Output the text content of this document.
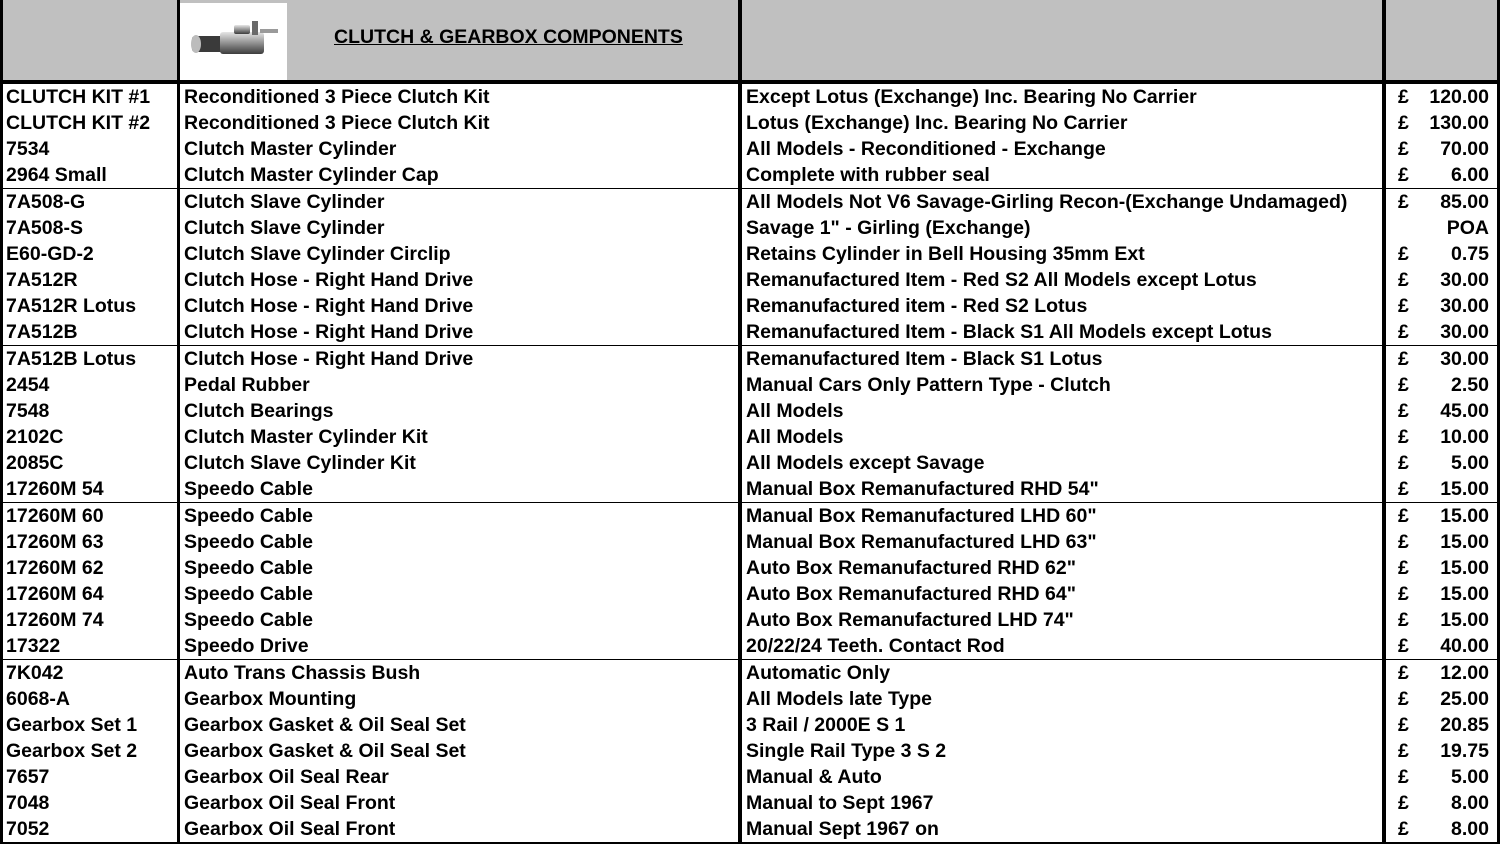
CLUTCH & GEARBOX COMPONENTS
CLUTCH KIT #1	Reconditioned 3 Piece Clutch Kit	Except Lotus (Exchange) Inc. Bearing No Carrier	£ 120.00
CLUTCH KIT #2	Reconditioned 3 Piece Clutch Kit	Lotus (Exchange) Inc. Bearing No Carrier	£ 130.00
7534	Clutch Master Cylinder	All Models - Reconditioned - Exchange	£ 70.00
2964 Small	Clutch Master Cylinder Cap	Complete with rubber seal	£ 6.00
7A508-G	Clutch Slave Cylinder	All Models Not V6 Savage-Girling Recon-(Exchange Undamaged)	£ 85.00
7A508-S	Clutch Slave Cylinder	Savage 1" - Girling (Exchange)	POA
E60-GD-2	Clutch Slave Cylinder Circlip	Retains Cylinder in Bell Housing 35mm Ext	£ 0.75
7A512R	Clutch Hose - Right Hand Drive	Remanufactured Item - Red S2 All Models except Lotus	£ 30.00
7A512R Lotus	Clutch Hose - Right Hand Drive	Remanufactured item - Red S2 Lotus	£ 30.00
7A512B	Clutch Hose - Right Hand Drive	Remanufactured Item - Black S1 All Models except Lotus	£ 30.00
7A512B Lotus	Clutch Hose - Right Hand Drive	Remanufactured Item - Black S1 Lotus	£ 30.00
2454	Pedal Rubber	Manual Cars Only Pattern Type - Clutch	£ 2.50
7548	Clutch Bearings	All Models	£ 45.00
2102C	Clutch Master Cylinder Kit	All Models	£ 10.00
2085C	Clutch Slave Cylinder Kit	All Models except Savage	£ 5.00
17260M 54	Speedo Cable	Manual Box Remanufactured RHD 54"	£ 15.00
17260M 60	Speedo Cable	Manual Box Remanufactured LHD 60"	£ 15.00
17260M 63	Speedo Cable	Manual Box Remanufactured LHD 63"	£ 15.00
17260M 62	Speedo Cable	Auto Box Remanufactured RHD 62"	£ 15.00
17260M 64	Speedo Cable	Auto Box Remanufactured RHD 64"	£ 15.00
17260M 74	Speedo Cable	Auto Box Remanufactured LHD 74"	£ 15.00
17322	Speedo Drive	20/22/24 Teeth. Contact Rod	£ 40.00
7K042	Auto Trans Chassis Bush	Automatic Only	£ 12.00
6068-A	Gearbox Mounting	All Models late Type	£ 25.00
Gearbox Set 1	Gearbox Gasket & Oil Seal Set	3 Rail / 2000E S 1	£ 20.85
Gearbox Set 2	Gearbox Gasket & Oil Seal Set	Single Rail Type 3 S 2	£ 19.75
7657	Gearbox Oil Seal Rear	Manual & Auto	£ 5.00
7048	Gearbox Oil Seal Front	Manual to Sept 1967	£ 8.00
7052	Gearbox Oil Seal Front	Manual Sept 1967 on	£ 8.00
